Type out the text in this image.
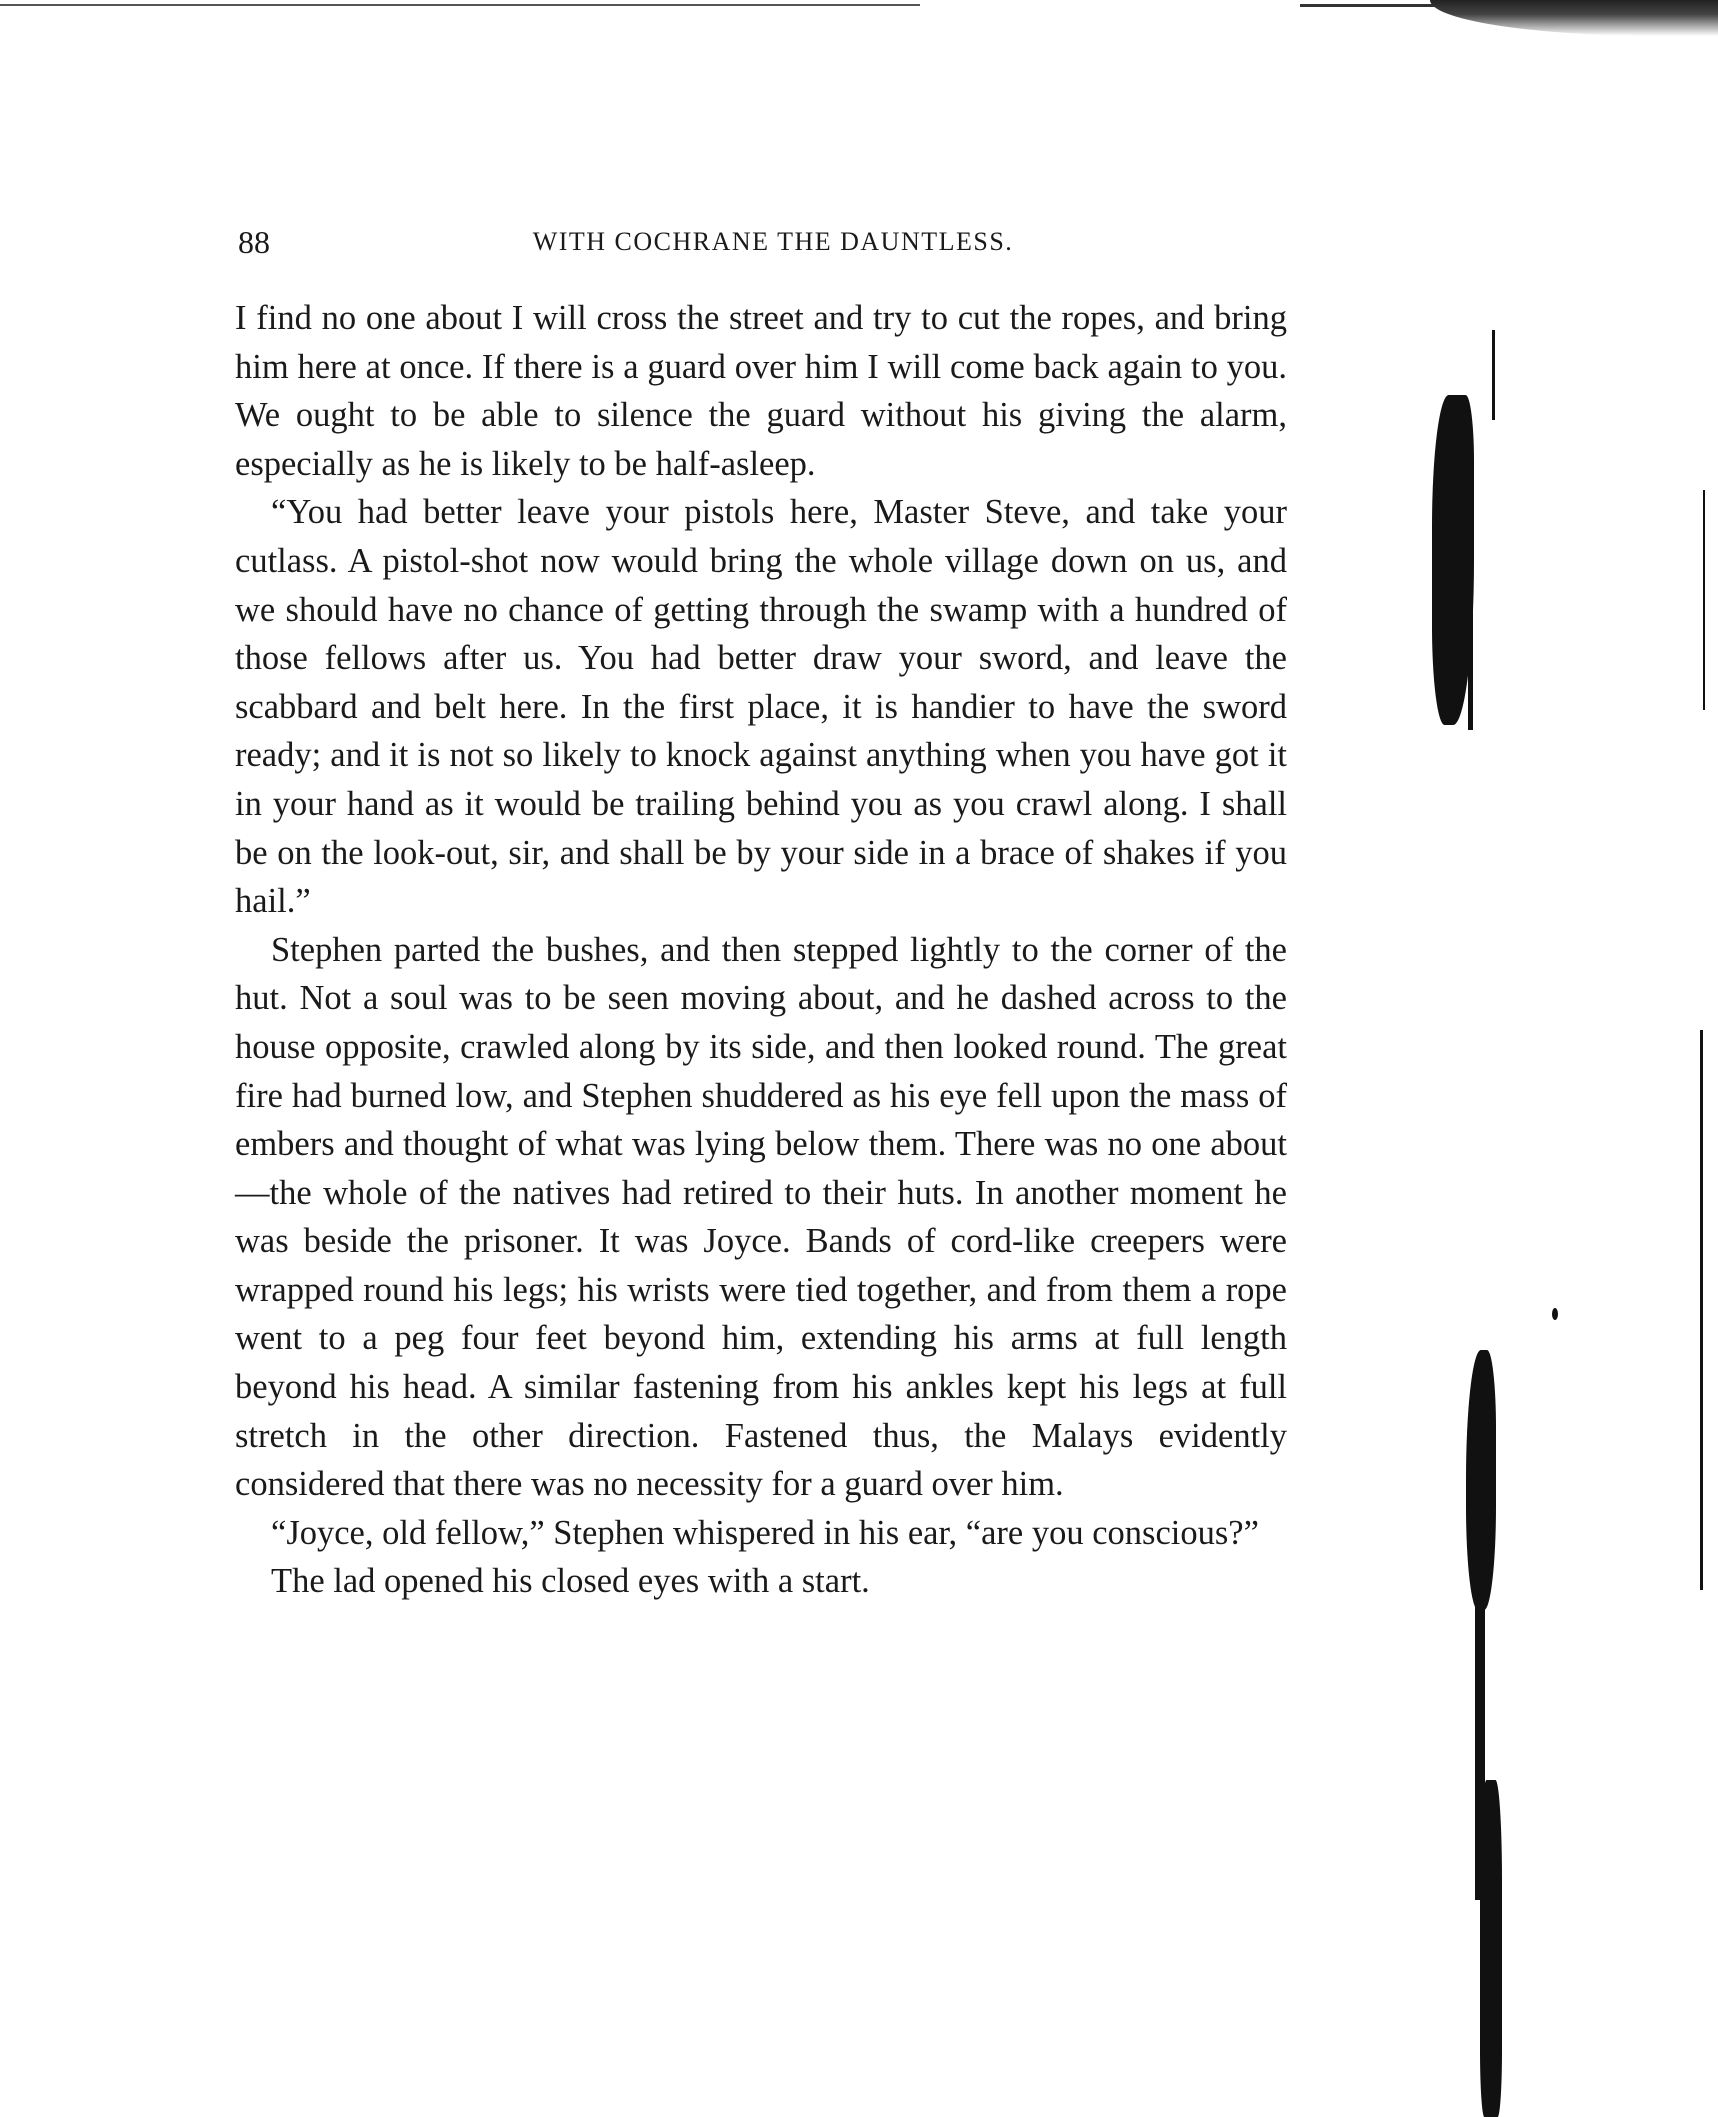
88	WITH COCHRANE THE DAUNTLESS.

I find no one about I will cross the street and try to cut the ropes, and bring him here at once. If there is a guard over him I will come back again to you. We ought to be able to silence the guard without his giving the alarm, especially as he is likely to be half-asleep.

“You had better leave your pistols here, Master Steve, and take your cutlass. A pistol-shot now would bring the whole village down on us, and we should have no chance of getting through the swamp with a hundred of those fellows after us. You had better draw your sword, and leave the scabbard and belt here. In the first place, it is handier to have the sword ready; and it is not so likely to knock against anything when you have got it in your hand as it would be trailing behind you as you crawl along. I shall be on the look-out, sir, and shall be by your side in a brace of shakes if you hail.”

Stephen parted the bushes, and then stepped lightly to the corner of the hut. Not a soul was to be seen moving about, and he dashed across to the house opposite, crawled along by its side, and then looked round. The great fire had burned low, and Stephen shuddered as his eye fell upon the mass of embers and thought of what was lying below them. There was no one about—the whole of the natives had retired to their huts. In another moment he was beside the prisoner. It was Joyce. Bands of cord-like creepers were wrapped round his legs; his wrists were tied together, and from them a rope went to a peg four feet beyond him, extending his arms at full length beyond his head. A similar fastening from his ankles kept his legs at full stretch in the other direction. Fastened thus, the Malays evidently considered that there was no necessity for a guard over him.

“Joyce, old fellow,” Stephen whispered in his ear, “are you conscious?”

The lad opened his closed eyes with a start.
